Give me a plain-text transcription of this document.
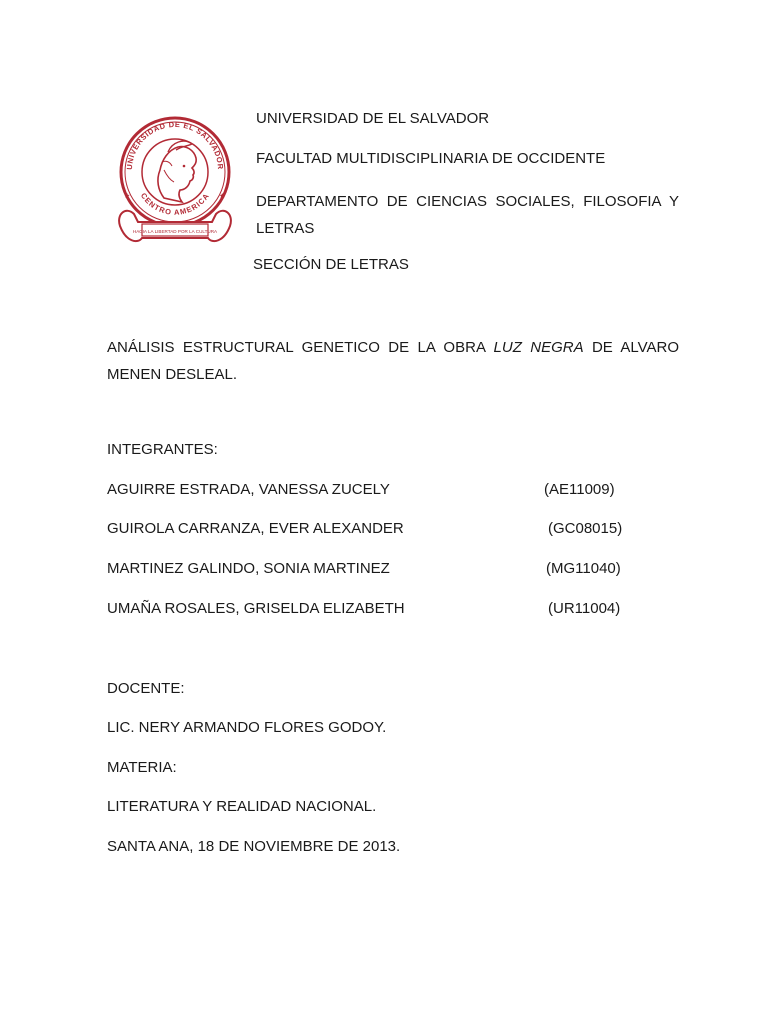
UNIVERSIDAD DE EL SALVADOR
CENTRO AMERICA
★	★
HACIA LA LIBERTAD POR LA CULTURA
UNIVERSIDAD DE EL SALVADOR
FACULTAD MULTIDISCIPLINARIA DE OCCIDENTE
DEPARTAMENTO DE CIENCIAS SOCIALES, FILOSOFIA Y LETRAS
SECCIÓN DE LETRAS
ANÁLISIS ESTRUCTURAL GENETICO DE LA OBRA LUZ NEGRA DE ALVARO MENEN DESLEAL.
INTEGRANTES:
AGUIRRE ESTRADA, VANESSA ZUCELY	(AE11009)
GUIROLA CARRANZA, EVER ALEXANDER	(GC08015)
MARTINEZ GALINDO, SONIA MARTINEZ	(MG11040)
UMAÑA ROSALES, GRISELDA ELIZABETH	(UR11004)
DOCENTE:
LIC. NERY ARMANDO FLORES GODOY.
MATERIA:
LITERATURA Y REALIDAD NACIONAL.
SANTA ANA, 18 DE NOVIEMBRE DE 2013.
